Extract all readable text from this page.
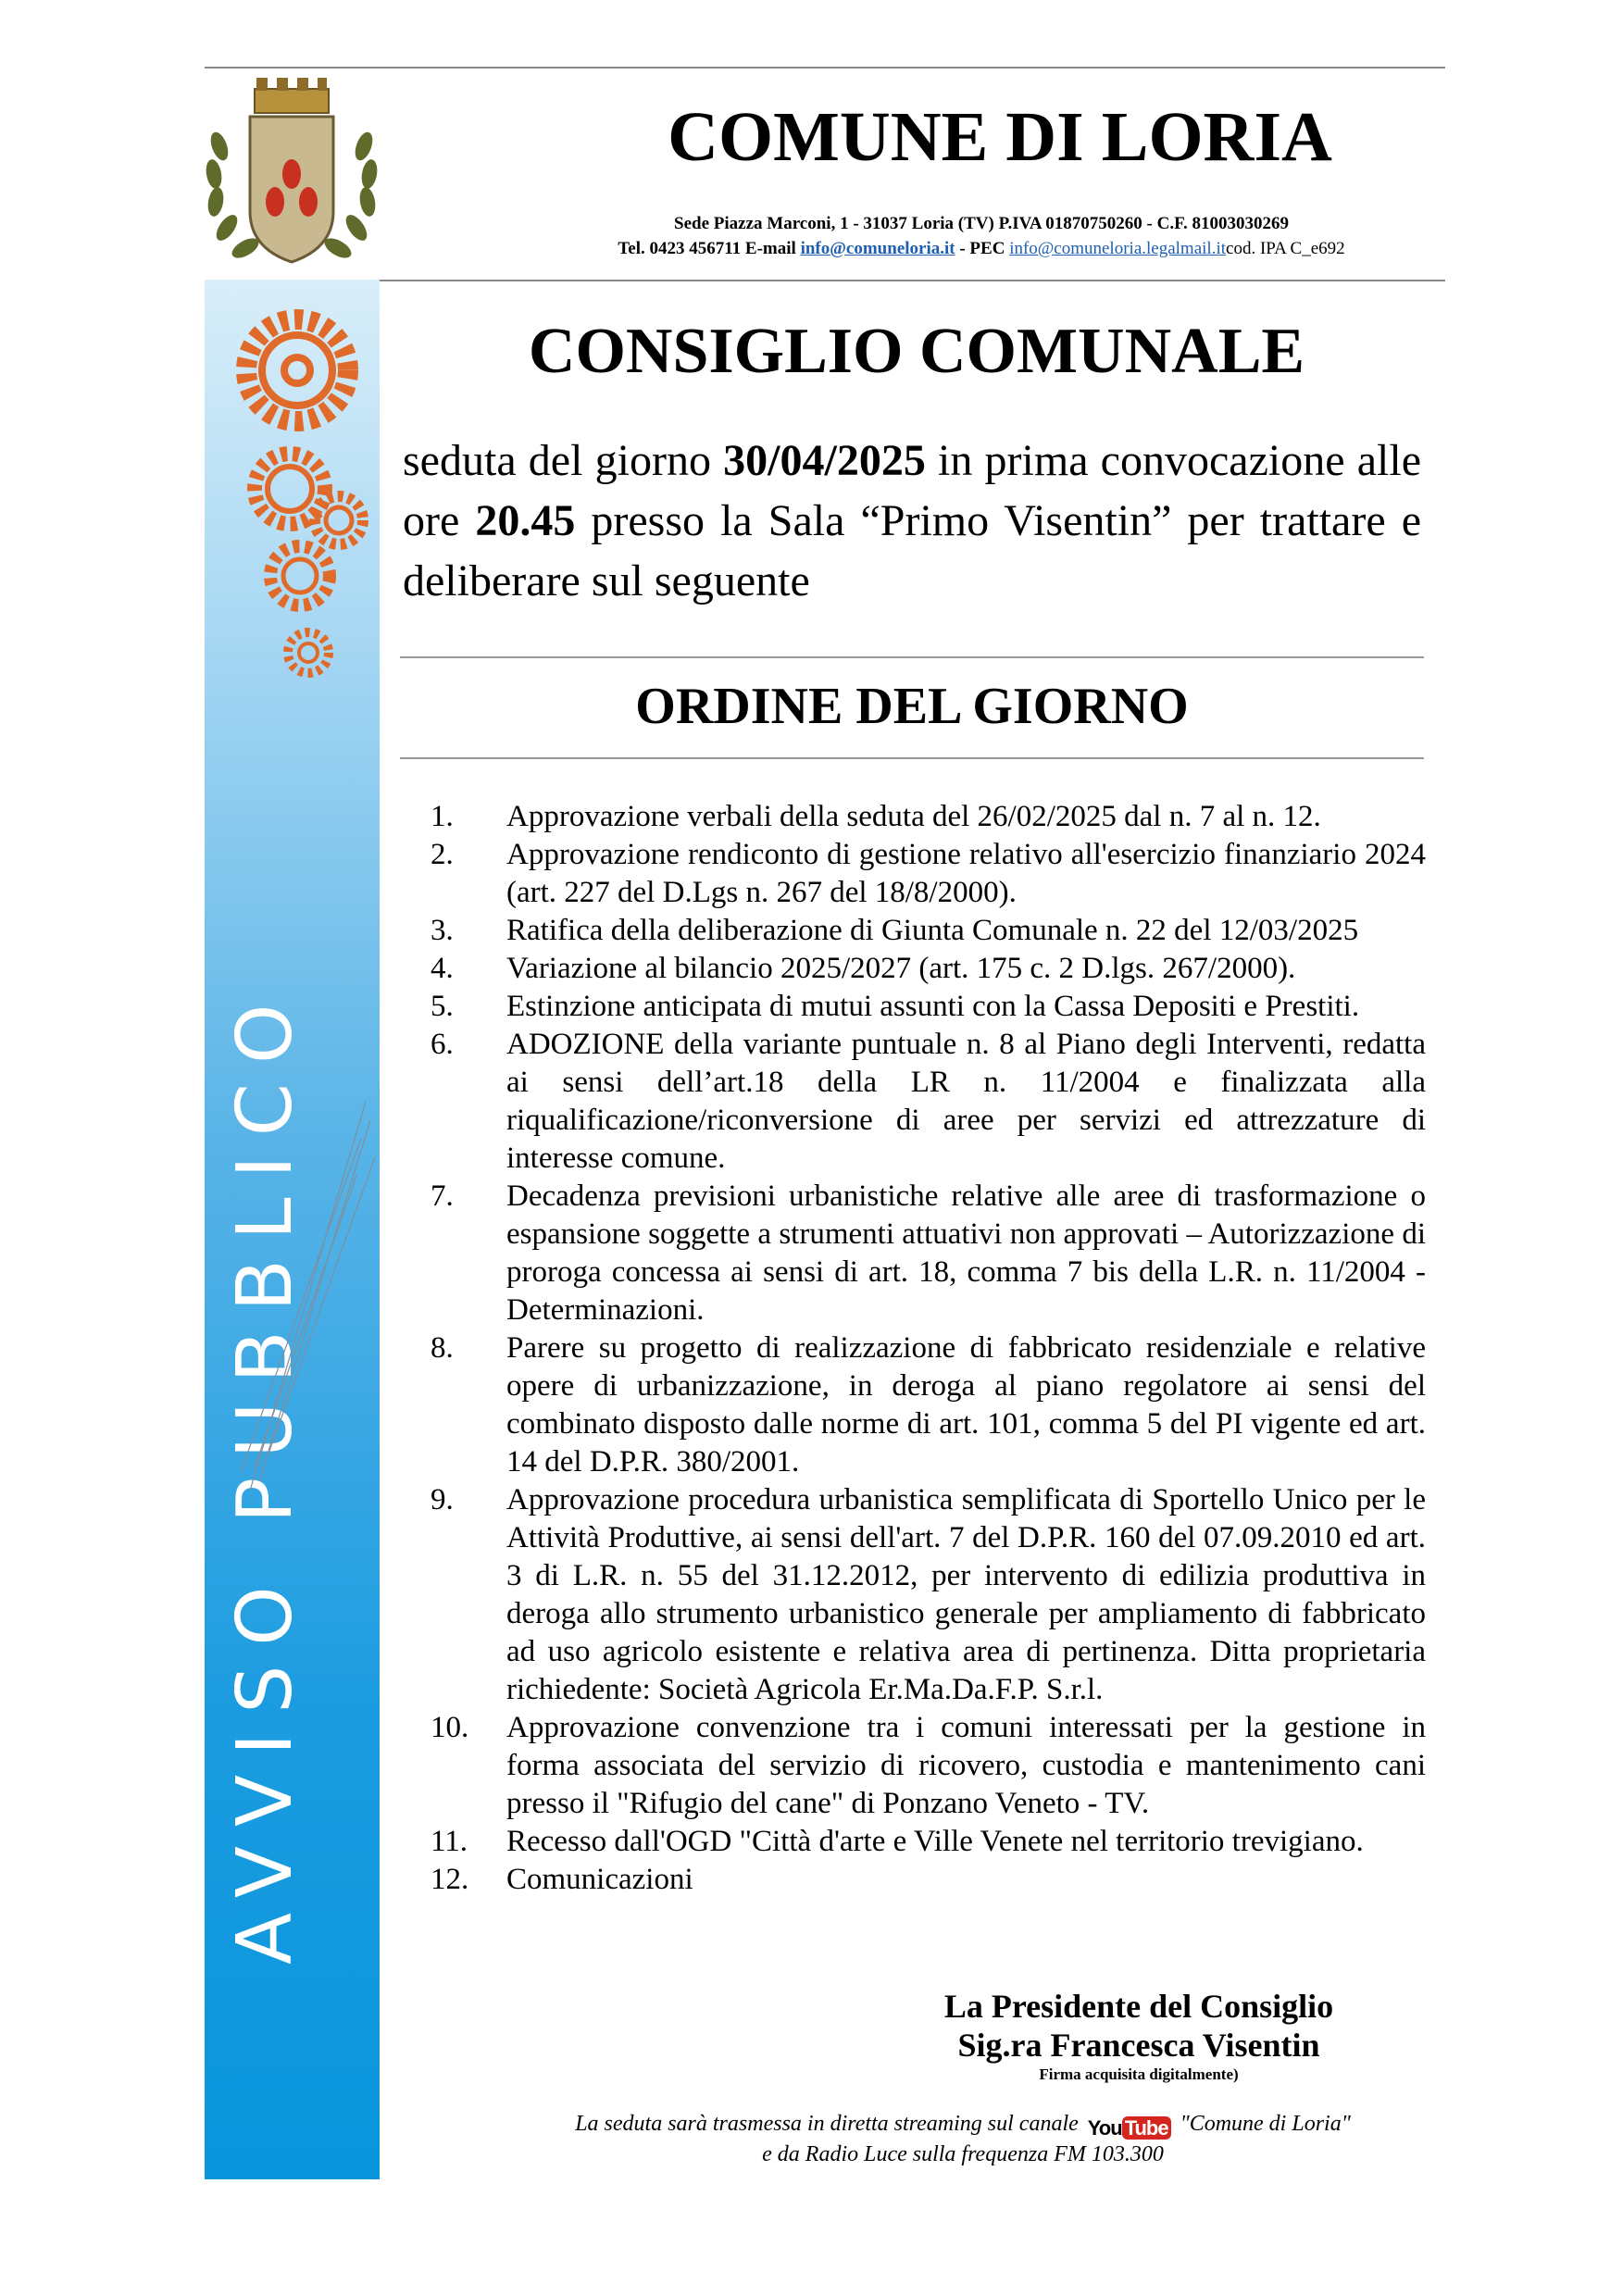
COMUNE DI LORIA
Sede Piazza Marconi, 1 - 31037 Loria (TV) P.IVA 01870750260 - C.F. 81003030269
Tel. 0423 456711 E-mail info@comuneloria.it - PEC info@comuneloria.legalmail.itcod. IPA C_e692
AVVISO PUBBLICO
CONSIGLIO COMUNALE

seduta del giorno 30/04/2025 in prima convocazione alle ore 20.45 presso la Sala “Primo Visentin” per trattare e deliberare sul seguente

ORDINE DEL GIORNO
1.	Approvazione verbali della seduta del 26/02/2025 dal n. 7 al n. 12.
2.	Approvazione rendiconto di gestione relativo all'esercizio finanziario 2024 (art. 227 del D.Lgs n. 267 del 18/8/2000).
3.	Ratifica della deliberazione di Giunta Comunale n. 22 del 12/03/2025
4.	Variazione al bilancio 2025/2027 (art. 175 c. 2 D.lgs. 267/2000).
5.	Estinzione anticipata di mutui assunti con la Cassa Depositi e Prestiti.
6.	ADOZIONE della variante puntuale n. 8 al Piano degli Interventi, redatta ai sensi dell’art.18 della LR n. 11/2004 e finalizzata alla riqualificazione/riconversione di aree per servizi ed attrezzature di interesse comune.
7.	Decadenza previsioni urbanistiche relative alle aree di trasformazione o espansione soggette a strumenti attuativi non approvati – Autorizzazione di proroga concessa ai sensi di art. 18, comma 7 bis della L.R. n. 11/2004 - Determinazioni.
8.	Parere su progetto di realizzazione di fabbricato residenziale e relative opere di urbanizzazione, in deroga al piano regolatore ai sensi del combinato disposto dalle norme di art. 101, comma 5 del PI vigente ed art. 14 del D.P.R. 380/2001.
9.	Approvazione procedura urbanistica semplificata di Sportello Unico per le Attività Produttive, ai sensi dell'art. 7 del D.P.R. 160 del 07.09.2010 ed art. 3 di L.R. n. 55 del 31.12.2012, per intervento di edilizia produttiva in deroga allo strumento urbanistico generale per ampliamento di fabbricato ad uso agricolo esistente e relativa area di pertinenza. Ditta proprietaria richiedente: Società Agricola Er.Ma.Da.F.P. S.r.l.
10.	Approvazione convenzione tra i comuni interessati per la gestione in forma associata del servizio di ricovero, custodia e mantenimento cani presso il "Rifugio del cane" di Ponzano Veneto - TV.
11.	Recesso dall'OGD "Città d'arte e Ville Venete nel territorio trevigiano.
12.	Comunicazioni
La Presidente del Consiglio
Sig.ra Francesca Visentin
Firma acquisita digitalmente)
La seduta sarà trasmessa in diretta streaming sul canale You Tube "Comune di Loria"
e da Radio Luce sulla frequenza FM 103.300
